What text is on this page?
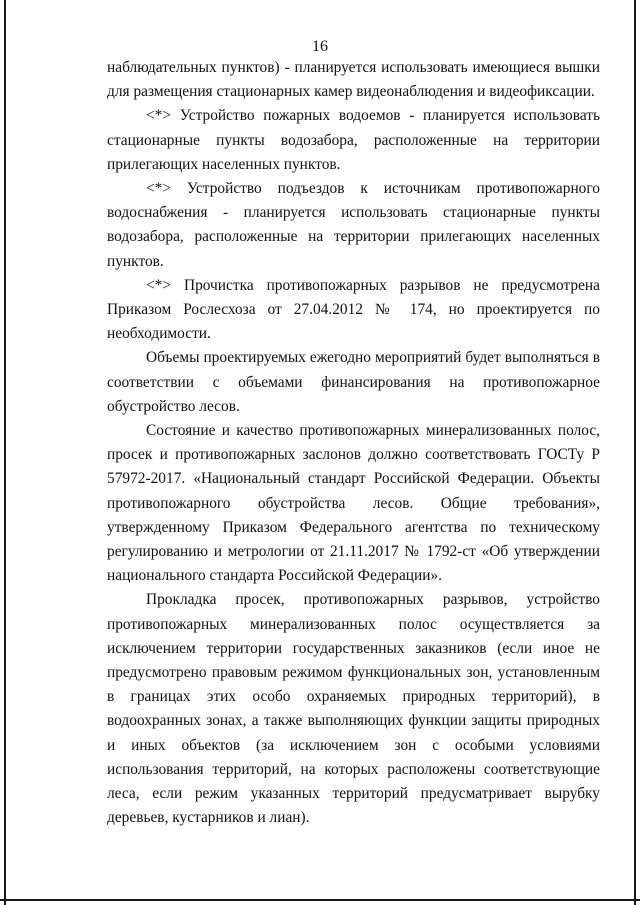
16

наблюдательных пунктов) - планируется использовать имеющиеся вышки для размещения стационарных камер видеонаблюдения и видеофиксации.

<*> Устройство пожарных водоемов - планируется использовать стационарные пункты водозабора, расположенные на территории прилегающих населенных пунктов.

<*> Устройство подъездов к источникам противопожарного водоснабжения - планируется использовать стационарные пункты водозабора, расположенные на территории прилегающих населенных пунктов.

<*> Прочистка противопожарных разрывов не предусмотрена Приказом Рослесхоза от 27.04.2012 № 174, но проектируется по необходимости.

Объемы проектируемых ежегодно мероприятий будет выполняться в соответствии с объемами финансирования на противопожарное обустройство лесов.

Состояние и качество противопожарных минерализованных полос, просек и противопожарных заслонов должно соответствовать ГОСТу Р 57972-2017. «Национальный стандарт Российской Федерации. Объекты противопожарного обустройства лесов. Общие требования», утвержденному Приказом Федерального агентства по техническому регулированию и метрологии от 21.11.2017 № 1792-ст «Об утверждении национального стандарта Российской Федерации».

Прокладка просек, противопожарных разрывов, устройство противопожарных минерализованных полос осуществляется за исключением территории государственных заказников (если иное не предусмотрено правовым режимом функциональных зон, установленным в границах этих особо охраняемых природных территорий), в водоохранных зонах, а также выполняющих функции защиты природных и иных объектов (за исключением зон с особыми условиями использования территорий, на которых расположены соответствующие леса, если режим указанных территорий предусматривает вырубку деревьев, кустарников и лиан).
